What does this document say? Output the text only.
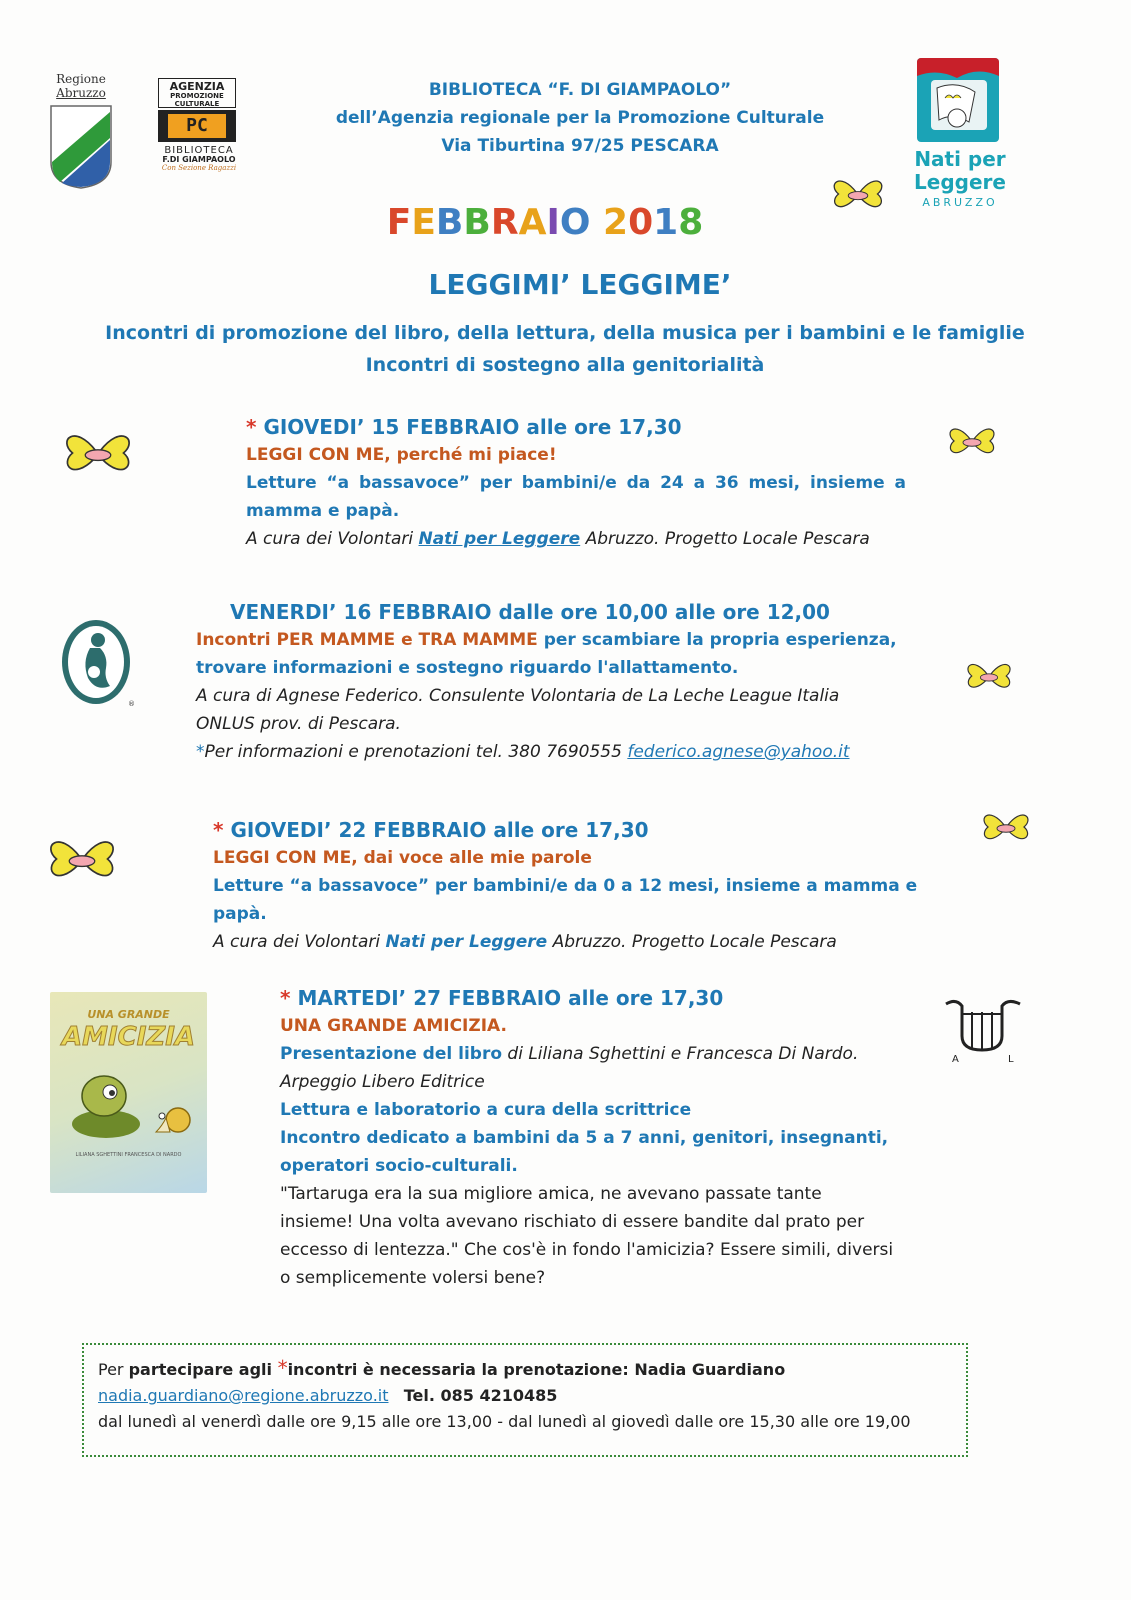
Regione
Abruzzo	AGENZIA
PROMOZIONE
CULTURALE
PC
BIBLIOTECA
F.DI GIAMPAOLO
Con Sezione Ragazzi	Nati per
Leggere
ABRUZZO
BIBLIOTECA “F. DI GIAMPAOLO”
dell’Agenzia regionale per la Promozione Culturale
Via Tiburtina 97/25 PESCARA
FEBBRAIO 2018
LEGGIMI’ LEGGIME’
Incontri di promozione del libro, della lettura, della musica per i bambini e le famiglie
Incontri di sostegno alla genitorialità
®
UNA GRANDE
AMICIZIA
LILIANA SGHETTINI FRANCESCA DI NARDO
A	L
* GIOVEDI’ 15 FEBBRAIO alle ore 17,30
LEGGI CON ME, perché mi piace!
Letture “a bassavoce” per bambini/e da 24 a 36 mesi, insieme a
mamma e papà.
A cura dei Volontari Nati per Leggere Abruzzo. Progetto Locale Pescara
VENERDI’ 16 FEBBRAIO dalle ore 10,00 alle ore 12,00
Incontri PER MAMME e TRA MAMME per scambiare la propria esperienza,
trovare informazioni e sostegno riguardo l'allattamento.
A cura di Agnese Federico. Consulente Volontaria de La Leche League Italia
ONLUS prov. di Pescara.
*Per informazioni e prenotazioni tel. 380 7690555 federico.agnese@yahoo.it
* GIOVEDI’ 22 FEBBRAIO alle ore 17,30
LEGGI CON ME, dai voce alle mie parole
Letture “a bassavoce” per bambini/e da 0 a 12 mesi, insieme a mamma e papà.
A cura dei Volontari Nati per Leggere Abruzzo. Progetto Locale Pescara
* MARTEDI’ 27 FEBBRAIO alle ore 17,30
UNA GRANDE AMICIZIA.
Presentazione del libro di Liliana Sghettini e Francesca Di Nardo.
Arpeggio Libero Editrice
Lettura e laboratorio a cura della scrittrice
Incontro dedicato a bambini da 5 a 7 anni, genitori, insegnanti,
operatori socio-culturali.
"Tartaruga era la sua migliore amica, ne avevano passate tante
insieme! Una volta avevano rischiato di essere bandite dal prato per
eccesso di lentezza." Che cos'è in fondo l'amicizia? Essere simili, diversi
o semplicemente volersi bene?
Per partecipare agli *incontri è necessaria la prenotazione: Nadia Guardiano
nadia.guardiano@regione.abruzzo.it Tel. 085 4210485
dal lunedì al venerdì dalle ore 9,15 alle ore 13,00 - dal lunedì al giovedì dalle ore 15,30 alle ore 19,00
